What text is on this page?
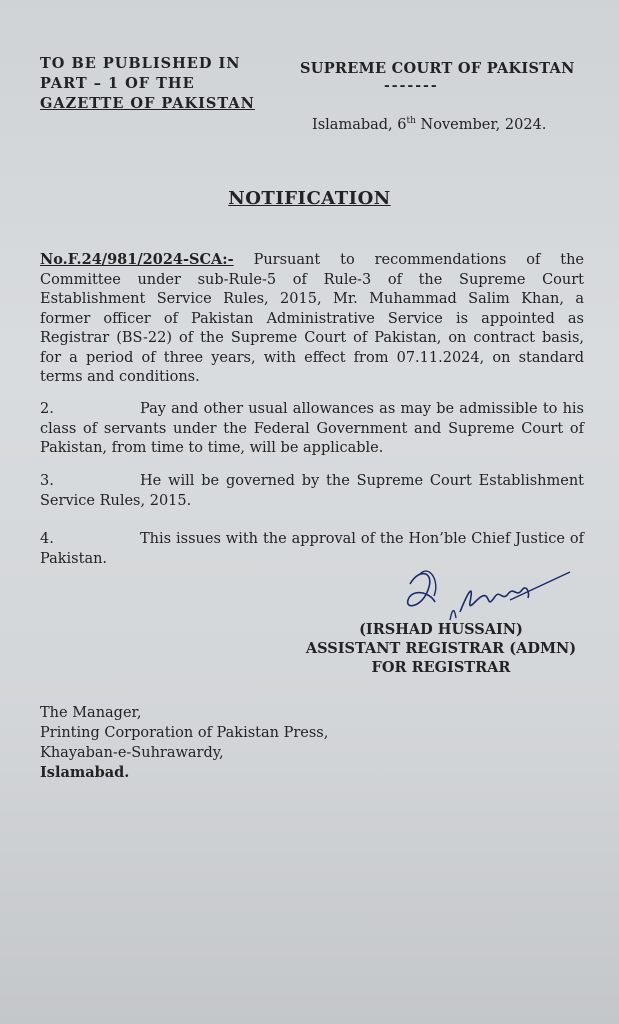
TO BE PUBLISHED IN
PART – 1 OF THE
GAZETTE OF PAKISTAN
SUPREME COURT OF PAKISTAN
-------
Islamabad, 6th November, 2024.
NOTIFICATION
No.F.24/981/2024-SCA:- Pursuant to recommendations of the Committee under sub-Rule-5 of Rule-3 of the Supreme Court Establishment Service Rules, 2015, Mr. Muhammad Salim Khan, a former officer of Pakistan Administrative Service is appointed as Registrar (BS-22) of the Supreme Court of Pakistan, on contract basis, for a period of three years, with effect from 07.11.2024, on standard terms and conditions.
2.	Pay and other usual allowances as may be admissible to his class of servants under the Federal Government and Supreme Court of Pakistan, from time to time, will be applicable.
3.	He will be governed by the Supreme Court Establishment Service Rules, 2015.
4.	This issues with the approval of the Hon’ble Chief Justice of Pakistan.
(IRSHAD HUSSAIN)
ASSISTANT REGISTRAR (ADMN)
FOR REGISTRAR
The Manager,
Printing Corporation of Pakistan Press,
Khayaban-e-Suhrawardy,
Islamabad.
